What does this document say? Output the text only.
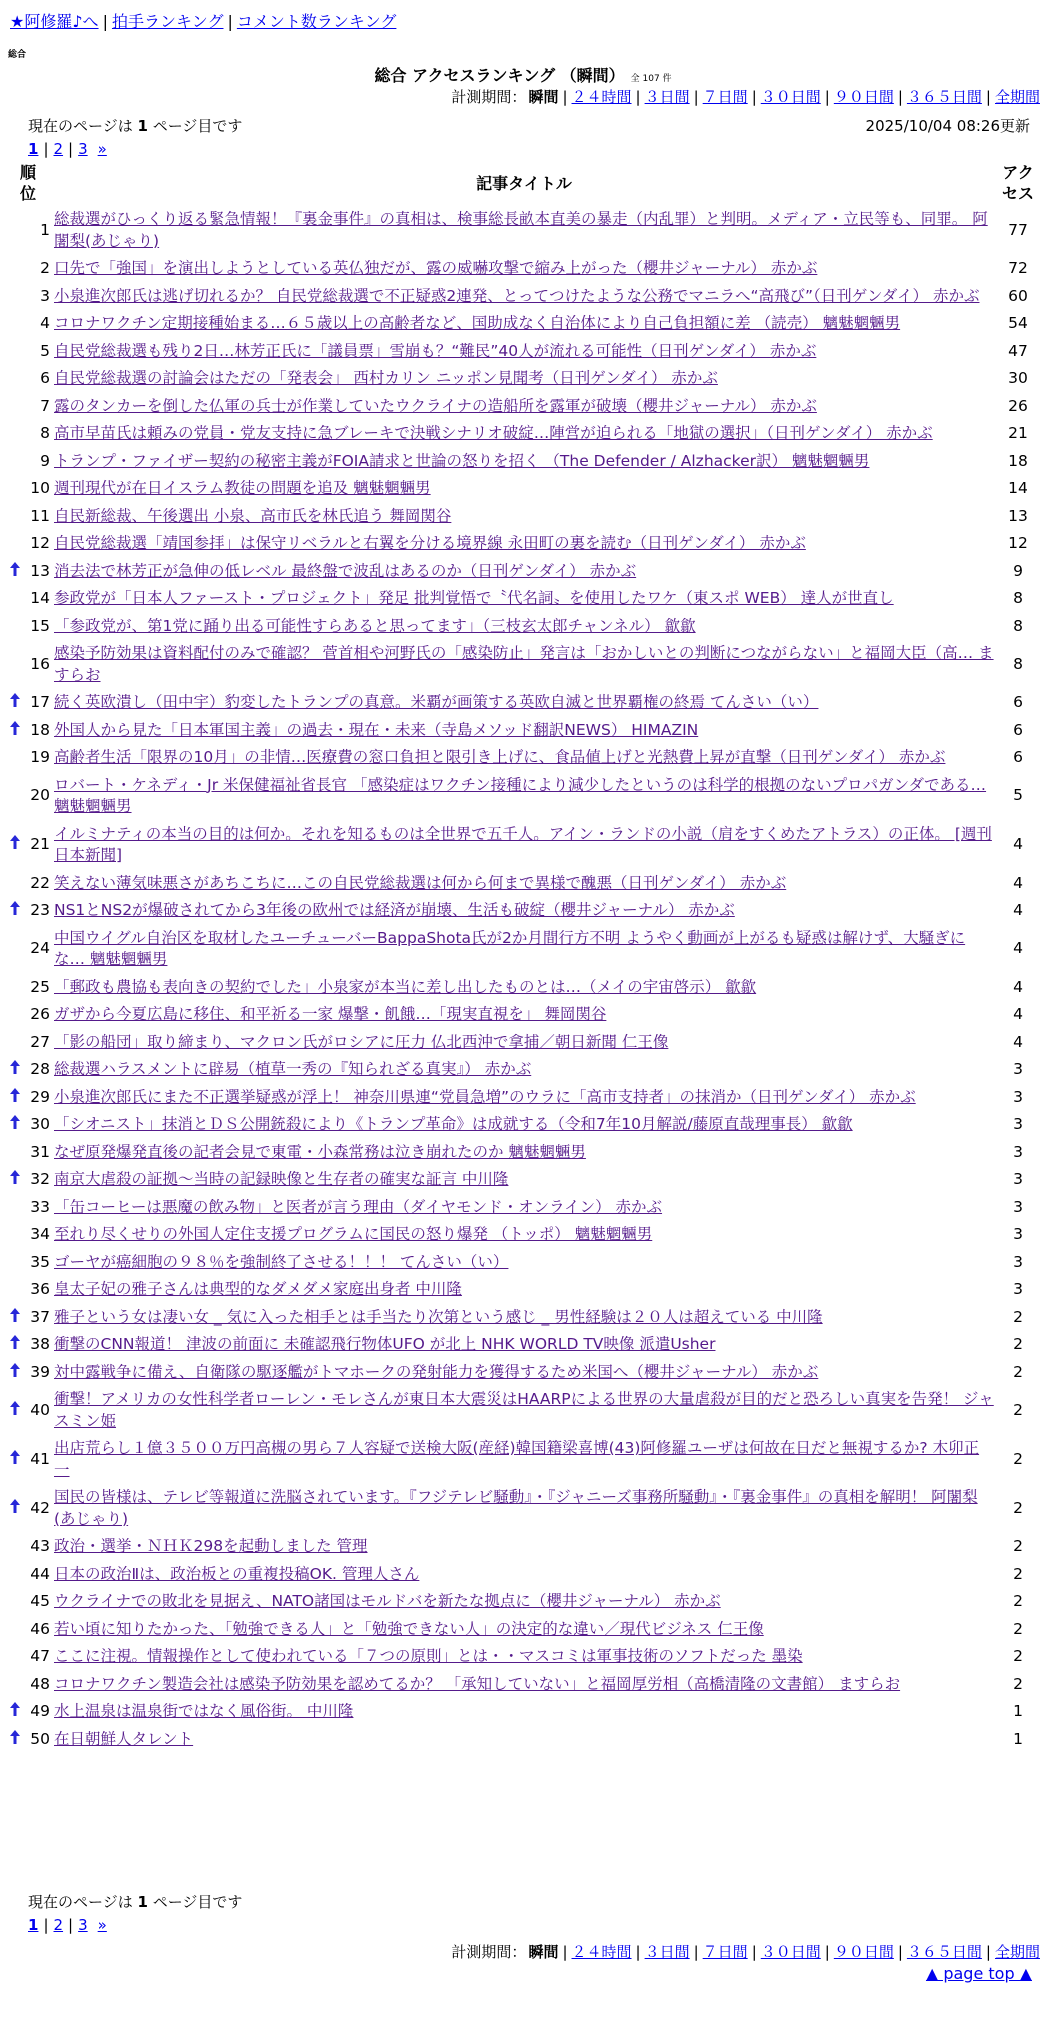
★阿修羅♪へ | 拍手ランキング | コメント数ランキング
総合
総合 アクセスランキング （瞬間） 全 107 件
計測期間： 瞬間 | ２４時間 | ３日間 | ７日間 | ３０日間 | ９０日間 | ３６５日間 | 全期間
現在のページは 1 ページ目です	2025/10/04 08:26更新
1 | 2 | 3 »
順位		記事タイトル	アクセス
	1	総裁選がひっくり返る緊急情報！『裏金事件』の真相は、検事総長畝本直美の暴走（内乱罪）と判明。メディア・立民等も、同罪。 阿闍梨(あじゃり)	77
	2	口先で「強国」を演出しようとしている英仏独だが、露の威嚇攻撃で縮み上がった（櫻井ジャーナル） 赤かぶ	72
	3	小泉進次郎氏は逃げ切れるか？ 自民党総裁選で不正疑惑2連発、とってつけたような公務でマニラへ“高飛び”（日刊ゲンダイ） 赤かぶ	60
	4	コロナワクチン定期接種始まる…６５歳以上の高齢者など、国助成なく自治体により自己負担額に差 （読売） 魑魅魍魎男	54
	5	自民党総裁選も残り2日…林芳正氏に「議員票」雪崩も？“難民”40人が流れる可能性（日刊ゲンダイ） 赤かぶ	47
	6	自民党総裁選の討論会はただの「発表会」 西村カリン ニッポン見聞考（日刊ゲンダイ） 赤かぶ	30
	7	露のタンカーを倒した仏軍の兵士が作業していたウクライナの造船所を露軍が破壊（櫻井ジャーナル） 赤かぶ	26
	8	高市早苗氏は頼みの党員・党友支持に急ブレーキで決戦シナリオ破綻…陣営が迫られる「地獄の選択」（日刊ゲンダイ） 赤かぶ	21
	9	トランプ・ファイザー契約の秘密主義がFOIA請求と世論の怒りを招く （The Defender / Alzhacker訳） 魑魅魍魎男	18
	10	週刊現代が在日イスラム教徒の問題を追及 魑魅魍魎男	14
	11	自民新総裁、午後選出 小泉、高市氏を林氏追う 舞岡関谷	13
	12	自民党総裁選「靖国参拝」は保守リベラルと右翼を分ける境界線 永田町の裏を読む（日刊ゲンダイ） 赤かぶ	12
	13	消去法で林芳正が急伸の低レベル 最終盤で波乱はあるのか（日刊ゲンダイ） 赤かぶ	9
	14	参政党が「日本人ファースト・プロジェクト」発足 批判覚悟で〝代名詞〟を使用したワケ（東スポ WEB） 達人が世直し	8
	15	「参政党が、第1党に踊り出る可能性すらあると思ってます」（三枝玄太郎チャンネル） 歙歙	8
	16	感染予防効果は資料配付のみで確認？ 菅首相や河野氏の「感染防止」発言は「おかしいとの判断につながらない」と福岡大臣（高… ますらお	8
	17	続く英欧潰し（田中宇）豹変したトランプの真意。米覇が画策する英欧自滅と世界覇権の終焉 てんさい（い）	6
	18	外国人から見た「日本軍国主義」の過去・現在・未来（寺島メソッド翻訳NEWS） HIMAZIN	6
	19	高齢者生活「限界の10月」の非情…医療費の窓口負担と限引き上げに、食品値上げと光熱費上昇が直撃（日刊ゲンダイ） 赤かぶ	6
	20	ロバート・ケネディ・Jr 米保健福祉省長官 「感染症はワクチン接種により減少したというのは科学的根拠のないプロパガンダである… 魑魅魍魎男	5
	21	イルミナティの本当の目的は何か。それを知るものは全世界で五千人。アイン・ランドの小説（肩をすくめたアトラス）の正体。 [週刊日本新聞]	4
	22	笑えない薄気味悪さがあちこちに…この自民党総裁選は何から何まで異様で醜悪（日刊ゲンダイ） 赤かぶ	4
	23	NS1とNS2が爆破されてから3年後の欧州では経済が崩壊、生活も破綻（櫻井ジャーナル） 赤かぶ	4
	24	中国ウイグル自治区を取材したユーチューバーBappaShota氏が2か月間行方不明 ようやく動画が上がるも疑惑は解けず、大騒ぎにな… 魑魅魍魎男	4
	25	「郵政も農協も表向きの契約でした」小泉家が本当に差し出したものとは…（メイの宇宙啓示） 歙歙	4
	26	ガザから今夏広島に移住、和平祈る一家 爆撃・飢餓…「現実直視を」 舞岡関谷	4
	27	「影の船団」取り締まり、マクロン氏がロシアに圧力 仏北西沖で拿捕／朝日新聞 仁王像	4
	28	総裁選ハラスメントに辟易（植草一秀の『知られざる真実』） 赤かぶ	3
	29	小泉進次郎氏にまた不正選挙疑惑が浮上！ 神奈川県連“党員急増”のウラに「高市支持者」の抹消か（日刊ゲンダイ） 赤かぶ	3
	30	「シオニスト」抹消とＤＳ公開銃殺により《トランプ革命》は成就する（令和7年10月解説/藤原直哉理事長） 歙歙	3
	31	なぜ原発爆発直後の記者会見で東電・小森常務は泣き崩れたのか 魑魅魍魎男	3
	32	南京大虐殺の証拠～当時の記録映像と生存者の確実な証言 中川隆	3
	33	「缶コーヒーは悪魔の飲み物」と医者が言う理由（ダイヤモンド・オンライン） 赤かぶ	3
	34	至れり尽くせりの外国人定住支援プログラムに国民の怒り爆発 （トッポ） 魑魅魍魎男	3
	35	ゴーヤが癌細胞の９８％を強制終了させる！！！ てんさい（い）	3
	36	皇太子妃の雅子さんは典型的なダメダメ家庭出身者 中川隆	3
	37	雅子という女は凄い女 _ 気に入った相手とは手当たり次第という感じ _ 男性経験は２０人は超えている 中川隆	2
	38	衝撃のCNN報道！ 津波の前面に 未確認飛行物体UFO が北上 NHK WORLD TV映像 派遣Usher	2
	39	対中露戦争に備え、自衛隊の駆逐艦がトマホークの発射能力を獲得するため米国へ（櫻井ジャーナル） 赤かぶ	2
	40	衝撃！アメリカの女性科学者ローレン・モレさんが東日本大震災はHAARPによる世界の大量虐殺が目的だと恐ろしい真実を告発！ ジャスミン姫	2
	41	出店荒らし１億３５００万円高槻の男ら７人容疑で送検大阪(産経)韓国籍梁喜博(43)阿修羅ユーザは何故在日だと無視するか? 木卯正一	2
	42	国民の皆様は、テレビ等報道に洗脳されています。『フジテレビ騒動』・『ジャニーズ事務所騒動』・『裏金事件』の真相を解明！ 阿闍梨(あじゃり)	2
	43	政治・選挙・ＮＨＫ298を起動しました 管理	2
	44	日本の政治Ⅱは、政治板との重複投稿OK. 管理人さん	2
	45	ウクライナでの敗北を見据え、NATO諸国はモルドバを新たな拠点に（櫻井ジャーナル） 赤かぶ	2
	46	若い頃に知りたかった、「勉強できる人」と「勉強できない人」の決定的な違い／現代ビジネス 仁王像	2
	47	ここに注視。情報操作として使われている「７つの原則」とは・・マスコミは軍事技術のソフトだった 墨染	2
	48	コロナワクチン製造会社は感染予防効果を認めてるか？ 「承知していない」と福岡厚労相（高橋清隆の文書館） ますらお	2
	49	水上温泉は温泉街ではなく風俗街。 中川隆	1
	50	在日朝鮮人タレント	1
現在のページは 1 ページ目です
1 | 2 | 3 »
計測期間： 瞬間 | ２４時間 | ３日間 | ７日間 | ３０日間 | ９０日間 | ３６５日間 | 全期間
▲ page top ▲
